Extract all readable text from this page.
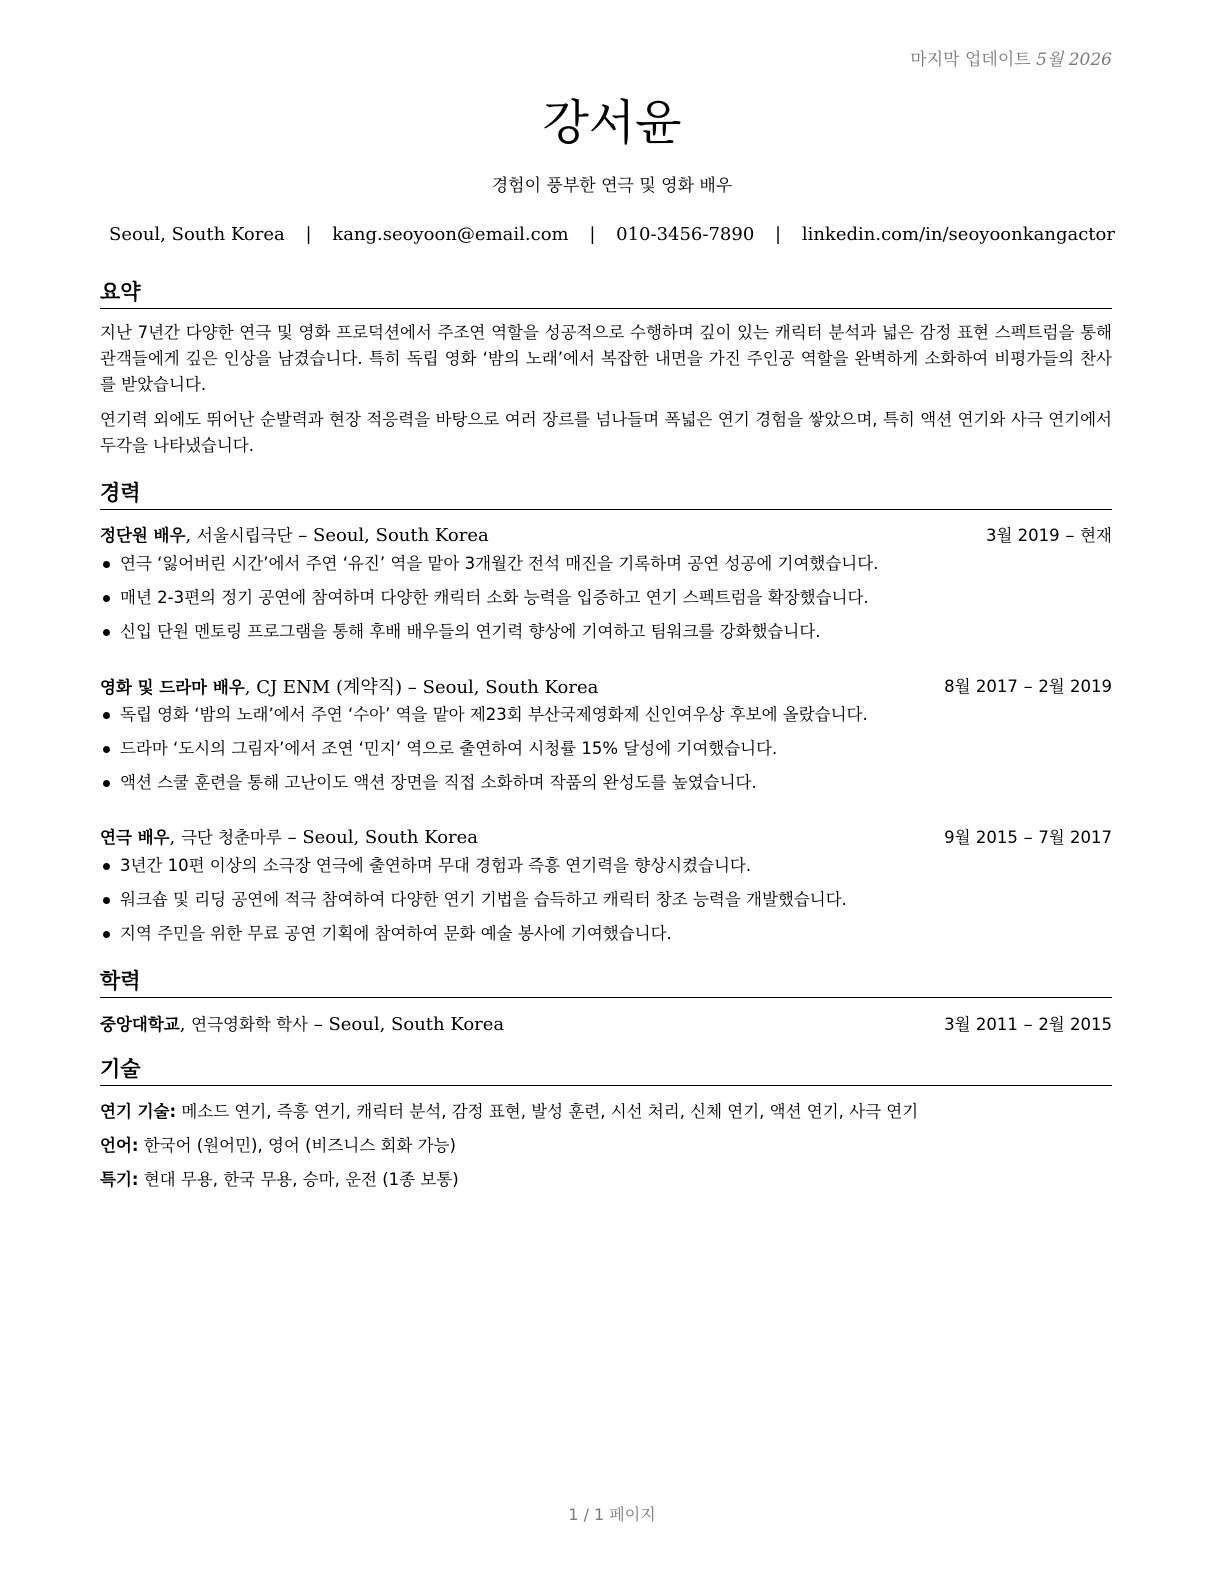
마지막 업데이트 5월 2026
강서윤
경험이 풍부한 연극 및 영화 배우
Seoul, South Korea | kang.seoyoon@email.com | 010-3456-7890 | linkedin.com/in/seoyoonkangactor
요약
지난 7년간 다양한 연극 및 영화 프로덕션에서 주조연 역할을 성공적으로 수행하며 깊이 있는 캐릭터 분석과 넓은 감정 표현 스펙트럼을 통해 관객들에게 깊은 인상을 남겼습니다. 특히 독립 영화 ‘밤의 노래’에서 복잡한 내면을 가진 주인공 역할을 완벽하게 소화하여 비평가들의 찬사를 받았습니다.
연기력 외에도 뛰어난 순발력과 현장 적응력을 바탕으로 여러 장르를 넘나들며 폭넓은 연기 경험을 쌓았으며, 특히 액션 연기와 사극 연기에서 두각을 나타냈습니다.
경력
정단원 배우, 서울시립극단 – Seoul, South Korea	3월 2019 – 현재
연극 ‘잃어버린 시간’에서 주연 ‘유진’ 역을 맡아 3개월간 전석 매진을 기록하며 공연 성공에 기여했습니다.
매년 2-3편의 정기 공연에 참여하며 다양한 캐릭터 소화 능력을 입증하고 연기 스펙트럼을 확장했습니다.
신입 단원 멘토링 프로그램을 통해 후배 배우들의 연기력 향상에 기여하고 팀워크를 강화했습니다.
영화 및 드라마 배우, CJ ENM (계약직) – Seoul, South Korea	8월 2017 – 2월 2019
독립 영화 ‘밤의 노래’에서 주연 ‘수아’ 역을 맡아 제23회 부산국제영화제 신인여우상 후보에 올랐습니다.
드라마 ‘도시의 그림자’에서 조연 ‘민지’ 역으로 출연하여 시청률 15% 달성에 기여했습니다.
액션 스쿨 훈련을 통해 고난이도 액션 장면을 직접 소화하며 작품의 완성도를 높였습니다.
연극 배우, 극단 청춘마루 – Seoul, South Korea	9월 2015 – 7월 2017
3년간 10편 이상의 소극장 연극에 출연하며 무대 경험과 즉흥 연기력을 향상시켰습니다.
워크숍 및 리딩 공연에 적극 참여하여 다양한 연기 기법을 습득하고 캐릭터 창조 능력을 개발했습니다.
지역 주민을 위한 무료 공연 기획에 참여하여 문화 예술 봉사에 기여했습니다.
학력
중앙대학교, 연극영화학 학사 – Seoul, South Korea	3월 2011 – 2월 2015
기술
연기 기술: 메소드 연기, 즉흥 연기, 캐릭터 분석, 감정 표현, 발성 훈련, 시선 처리, 신체 연기, 액션 연기, 사극 연기
언어: 한국어 (원어민), 영어 (비즈니스 회화 가능)
특기: 현대 무용, 한국 무용, 승마, 운전 (1종 보통)
1 / 1 페이지
